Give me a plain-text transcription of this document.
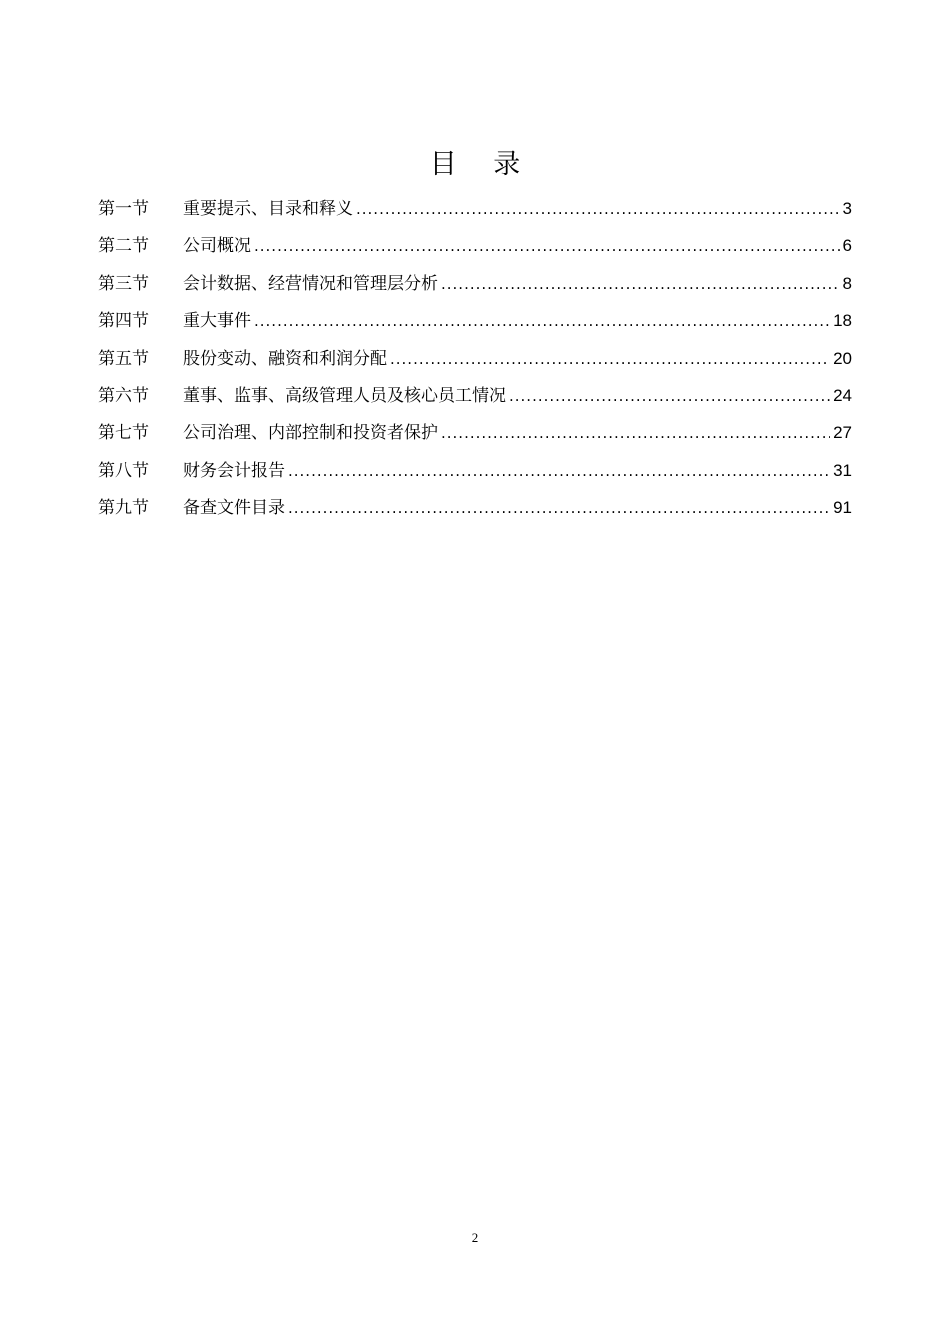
目 录
第一节	重要提示、目录和释义 .....	3
第二节	公司概况 .....	6
第三节	会计数据、经营情况和管理层分析 .....	8
第四节	重大事件 .....	18
第五节	股份变动、融资和利润分配 .....	20
第六节	董事、监事、高级管理人员及核心员工情况 .....	24
第七节	公司治理、内部控制和投资者保护 .....	27
第八节	财务会计报告 .....	31
第九节	备查文件目录 .....	91
2
